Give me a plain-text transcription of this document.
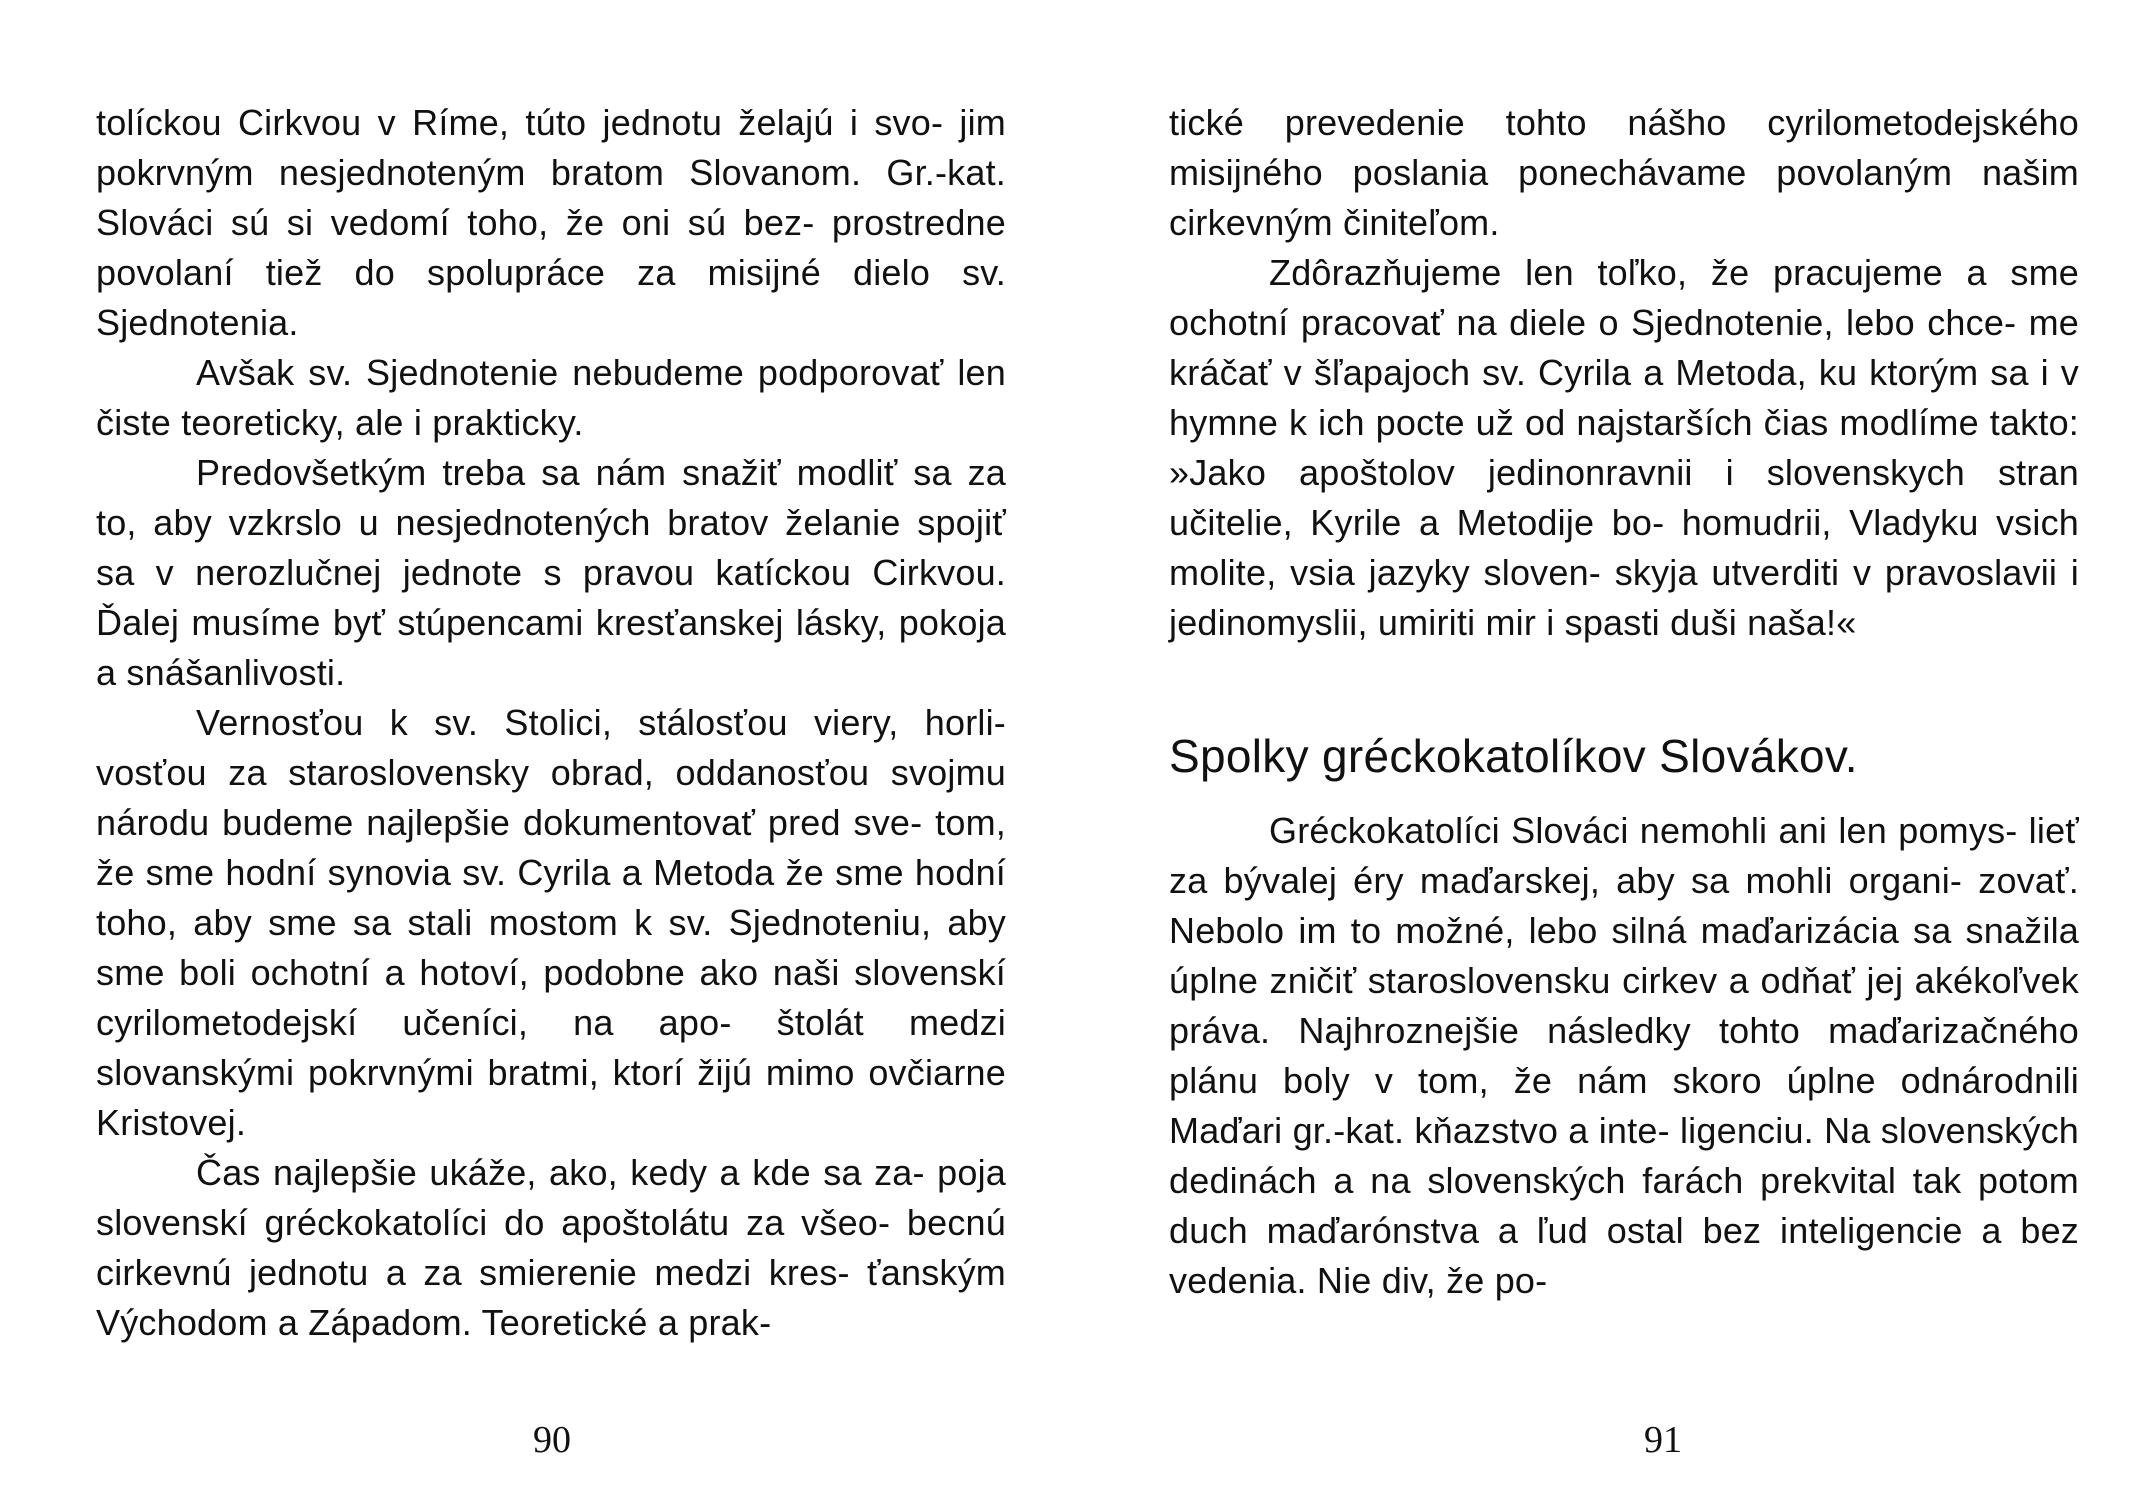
tolíckou Cirkvou v Ríme, túto jednotu želajú i svo- jim pokrvným nesjednoteným bratom Slovanom. Gr.-kat. Slováci sú si vedomí toho, že oni sú bez- prostredne povolaní tiež do spolupráce za misijné dielo sv. Sjednotenia.

Avšak sv. Sjednotenie nebudeme podporovať len čiste teoreticky, ale i prakticky.

Predovšetkým treba sa nám snažiť modliť sa za to, aby vzkrslo u nesjednotených bratov želanie spojiť sa v nerozlučnej jednote s pravou katíckou Cirkvou. Ďalej musíme byť stúpencami kresťanskej lásky, pokoja a snášanlivosti.

Vernosťou k sv. Stolici, stálosťou viery, horli- vosťou za staroslovensky obrad, oddanosťou svojmu národu budeme najlepšie dokumentovať pred sve- tom, že sme hodní synovia sv. Cyrila a Metoda že sme hodní toho, aby sme sa stali mostom k sv. Sjednoteniu, aby sme boli ochotní a hotoví, podobne ako naši slovenskí cyrilometodejskí učeníci, na apo- štolát medzi slovanskými pokrvnými bratmi, ktorí žijú mimo ovčiarne Kristovej.

Čas najlepšie ukáže, ako, kedy a kde sa za- poja slovenskí gréckokatolíci do apoštolátu za všeo- becnú cirkevnú jednotu a za smierenie medzi kres- ťanským Východom a Západom. Teoretické a prak-

90

tické prevedenie tohto nášho cyrilometodejského misijného poslania ponechávame povolaným našim cirkevným činiteľom.

Zdôrazňujeme len toľko, že pracujeme a sme ochotní pracovať na diele o Sjednotenie, lebo chce- me kráčať v šľapajoch sv. Cyrila a Metoda, ku ktorým sa i v hymne k ich pocte už od najstarších čias modlíme takto: »Jako apoštolov jedinonravnii i slovenskych stran učitelie, Kyrile a Metodije bo- homudrii, Vladyku vsich molite, vsia jazyky sloven- skyja utverditi v pravoslavii i jedinomyslii, umiriti mir i spasti duši naša!«

Spolky gréckokatolíkov Slovákov.

Gréckokatolíci Slováci nemohli ani len pomys- lieť za bývalej éry maďarskej, aby sa mohli organi- zovať. Nebolo im to možné, lebo silná maďarizácia sa snažila úplne zničiť staroslovensku cirkev a odňať jej akékoľvek práva. Najhroznejšie následky tohto maďarizačného plánu boly v tom, že nám skoro úplne odnárodnili Maďari gr.-kat. kňazstvo a inte- ligenciu. Na slovenských dedinách a na slovenských farách prekvital tak potom duch maďarónstva a ľud ostal bez inteligencie a bez vedenia. Nie div, že po-

91
